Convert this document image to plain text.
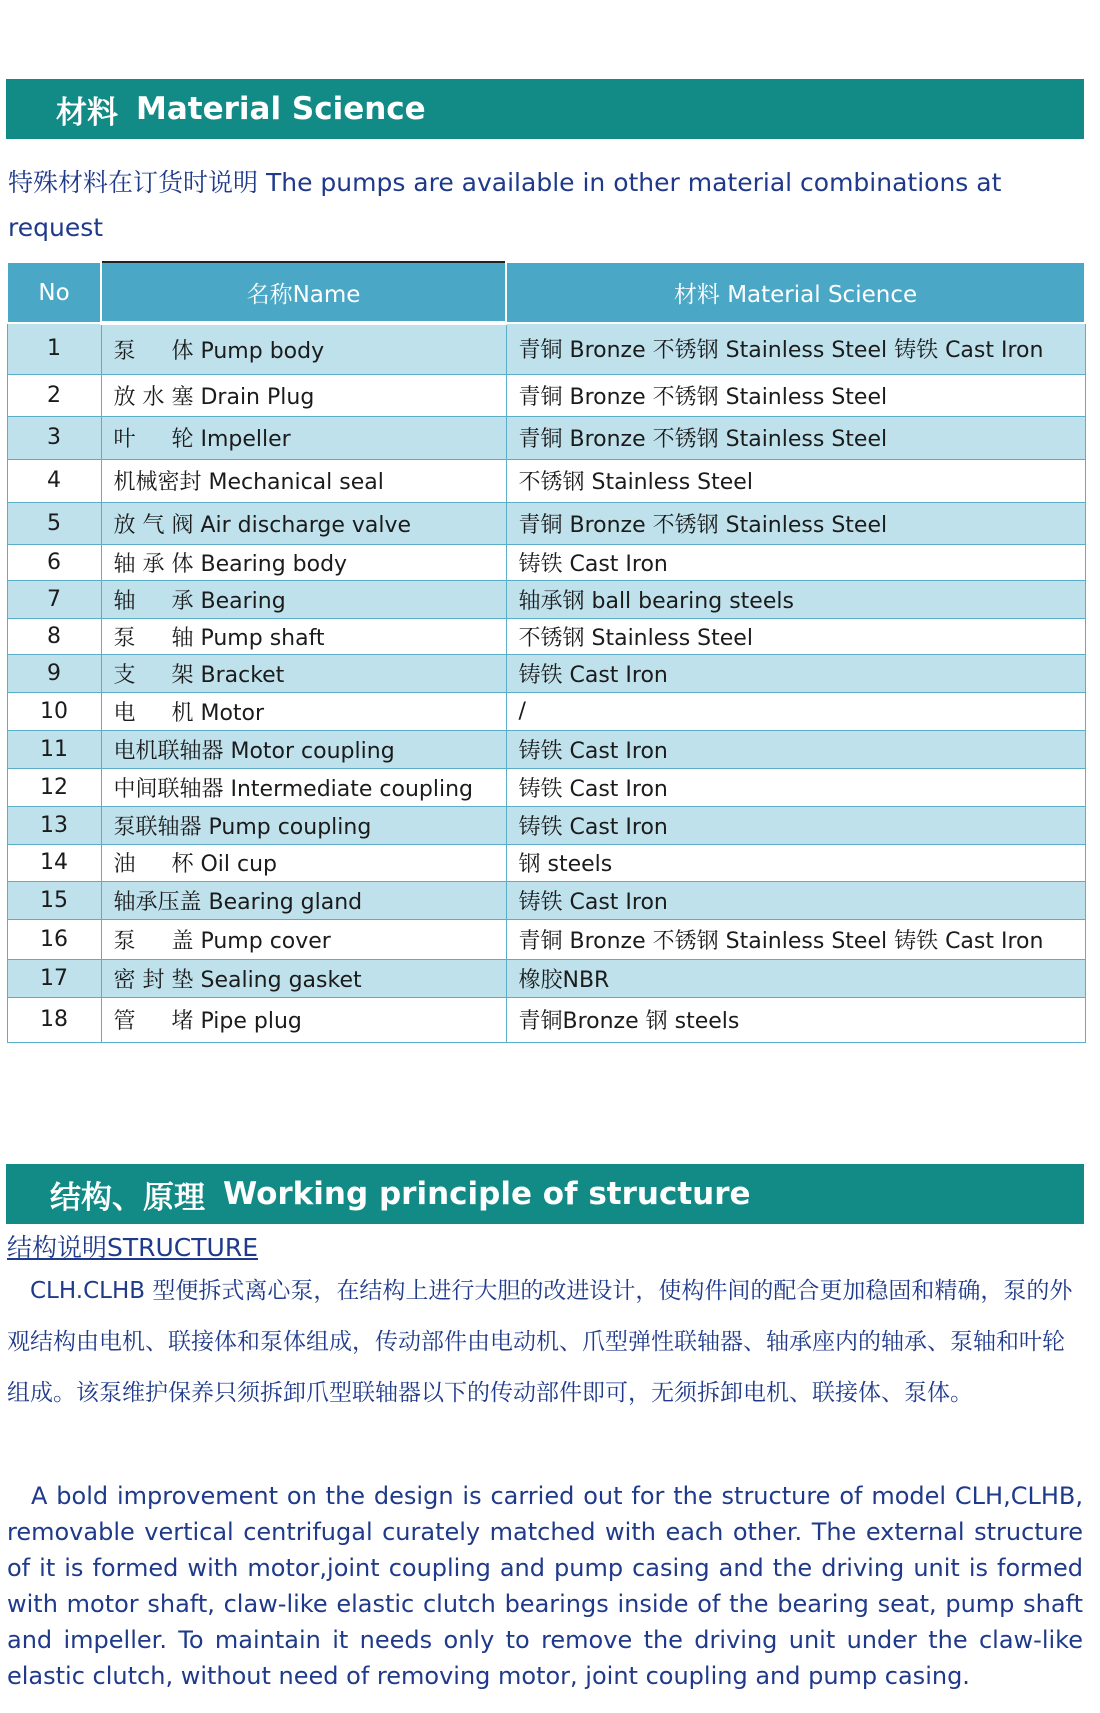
材料 Material Science
特殊材料在订货时说明 The pumps are available in other material combinations at request
No	名称Name	材料 Material Science
1	泵 　 体 Pump body	青铜 Bronze 不锈钢 Stainless Steel 铸铁 Cast Iron
2	放 水 塞 Drain Plug	青铜 Bronze 不锈钢 Stainless Steel
3	叶 　 轮 Impeller	青铜 Bronze 不锈钢 Stainless Steel
4	机械密封 Mechanical seal	不锈钢 Stainless Steel
5	放 气 阀 Air discharge valve	青铜 Bronze 不锈钢 Stainless Steel
6	轴 承 体 Bearing body	铸铁 Cast Iron
7	轴 　 承 Bearing	轴承钢 ball bearing steels
8	泵 　 轴 Pump shaft	不锈钢 Stainless Steel
9	支 　 架 Bracket	铸铁 Cast Iron
10	电 　 机 Motor	/
11	电机联轴器 Motor coupling	铸铁 Cast Iron
12	中间联轴器 Intermediate coupling	铸铁 Cast Iron
13	泵联轴器 Pump coupling	铸铁 Cast Iron
14	油 　 杯 Oil cup	钢 steels
15	轴承压盖 Bearing gland	铸铁 Cast Iron
16	泵 　 盖 Pump cover	青铜 Bronze 不锈钢 Stainless Steel 铸铁 Cast Iron
17	密 封 垫 Sealing gasket	橡胶NBR
18	管 　 堵 Pipe plug	青铜Bronze 钢 steels
结构、原理 Working principle of structure
结构说明STRUCTURE
CLH.CLHB 型便拆式离心泵，在结构上进行大胆的改进设计，使构件间的配合更加稳固和精确，泵的外观结构由电机、联接体和泵体组成，传动部件由电动机、爪型弹性联轴器、轴承座内的轴承、泵轴和叶轮组成。该泵维护保养只须拆卸爪型联轴器以下的传动部件即可，无须拆卸电机、联接体、泵体。
A bold improvement on the design is carried out for the structure of model CLH,CLHB, removable vertical centrifugal curately matched with each other. The external structure of it is formed with motor,joint coupling and pump casing and the driving unit is formed with motor shaft, claw-like elastic clutch bearings inside of the bearing seat, pump shaft and impeller. To maintain it needs only to remove the driving unit under the claw-like elastic clutch, without need of removing motor, joint coupling and pump casing.
